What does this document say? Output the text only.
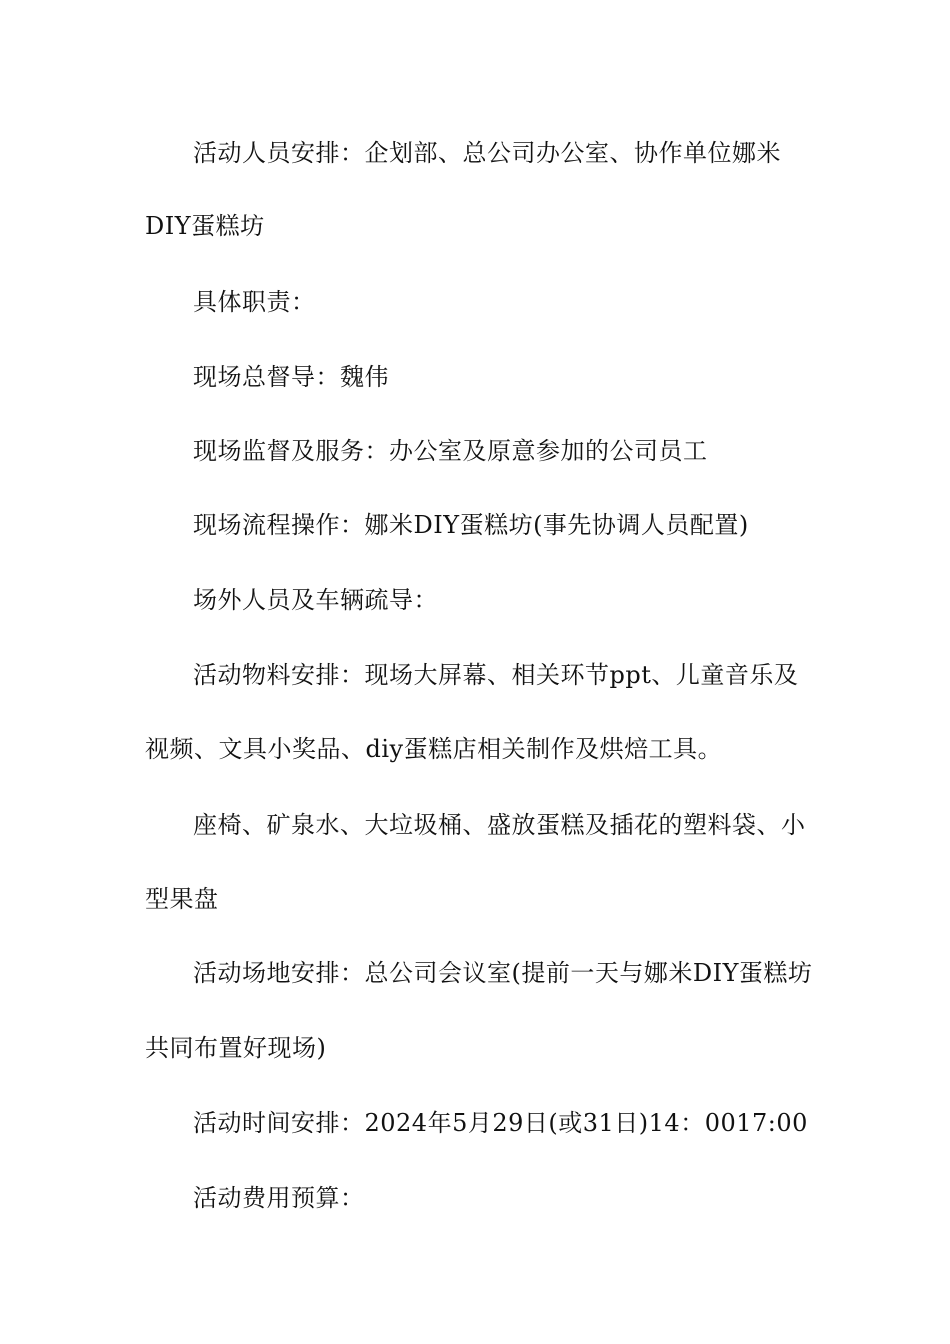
活动人员安排：企划部、总公司办公室、协作单位娜米
DIY蛋糕坊
具体职责：
现场总督导：魏伟
现场监督及服务：办公室及原意参加的公司员工
现场流程操作：娜米DIY蛋糕坊(事先协调人员配置)
场外人员及车辆疏导：
活动物料安排：现场大屏幕、相关环节ppt、儿童音乐及
视频、文具小奖品、diy蛋糕店相关制作及烘焙工具。
座椅、矿泉水、大垃圾桶、盛放蛋糕及插花的塑料袋、小
型果盘
活动场地安排：总公司会议室(提前一天与娜米DIY蛋糕坊
共同布置好现场)
活动时间安排：2024年5月29日(或31日)14：0017:00
活动费用预算：
